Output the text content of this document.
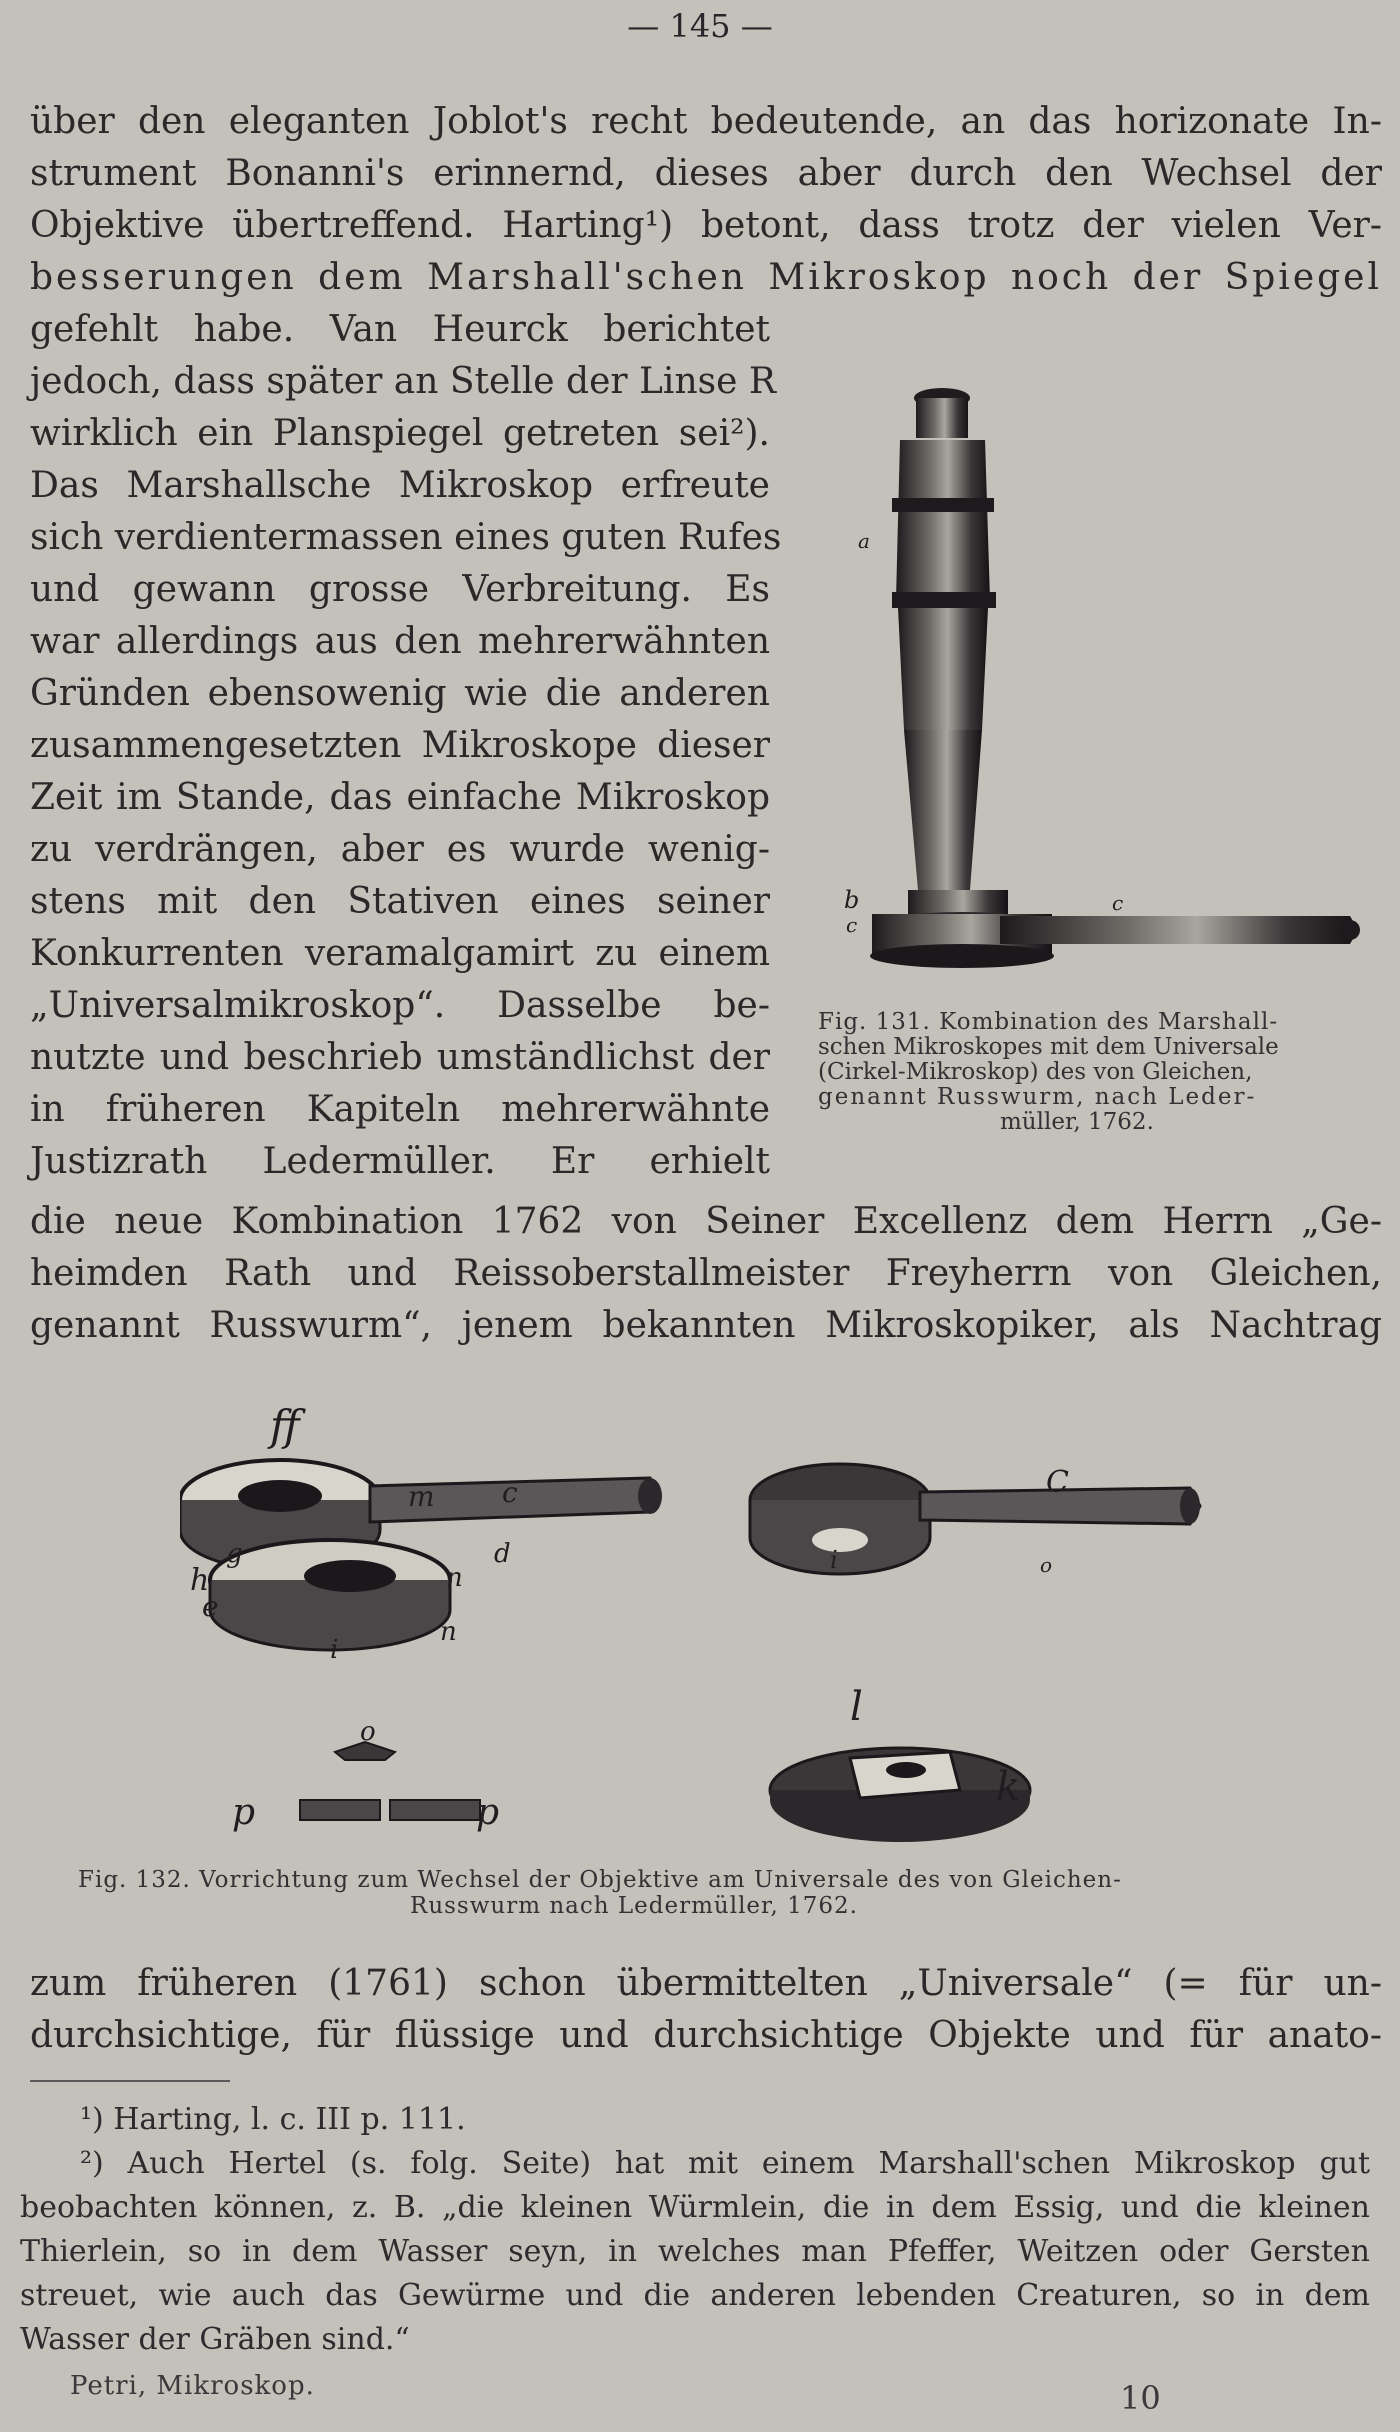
— 145 —
über den eleganten Joblot's recht bedeutende, an das horizonate In-
strument Bonanni's erinnernd, dieses aber durch den Wechsel der
Objektive übertreffend. Harting¹) betont, dass trotz der vielen Ver-
besserungen dem Marshall'schen Mikroskop noch der Spiegel
gefehlt habe. Van Heurck berichtet
jedoch, dass später an Stelle der Linse R
wirklich ein Planspiegel getreten sei²).
Das Marshallsche Mikroskop erfreute
sich verdientermassen eines guten Rufes
und gewann grosse Verbreitung. Es
war allerdings aus den mehrerwähnten
Gründen ebensowenig wie die anderen
zusammengesetzten Mikroskope dieser
Zeit im Stande, das einfache Mikroskop
zu verdrängen, aber es wurde wenig-
stens mit den Stativen eines seiner
Konkurrenten veramalgamirt zu einem
„Universalmikroskop“. Dasselbe be-
nutzte und beschrieb umständlichst der
in früheren Kapiteln mehrerwähnte
Justizrath Ledermüller. Er erhielt
die neue Kombination 1762 von Seiner Excellenz dem Herrn „Ge-
heimden Rath und Reissoberstallmeister Freyherrn von Gleichen,
genannt Russwurm“, jenem bekannten Mikroskopiker, als Nachtrag
a
b
c
c
Fig. 131. Kombination des Marshall-
schen Mikroskopes mit dem Universale
(Cirkel-Mikroskop) des von Gleichen,
genannt Russwurm, nach Leder-
müller, 1762.
ff
m c
g	d
h
e
n
n
i
C
o
i
o
p	p
l
k
Fig. 132. Vorrichtung zum Wechsel der Objektive am Universale des von Gleichen-
Russwurm nach Ledermüller, 1762.
zum früheren (1761) schon übermittelten „Universale“ (= für un-
durchsichtige, für flüssige und durchsichtige Objekte und für anato-
¹) Harting, l. c. III p. 111.
²) Auch Hertel (s. folg. Seite) hat mit einem Marshall'schen Mikroskop gut
beobachten können, z. B. „die kleinen Würmlein, die in dem Essig, und die kleinen
Thierlein, so in dem Wasser seyn, in welches man Pfeffer, Weitzen oder Gersten
streuet, wie auch das Gewürme und die anderen lebenden Creaturen, so in dem
Wasser der Gräben sind.“
Petri, Mikroskop.	10
